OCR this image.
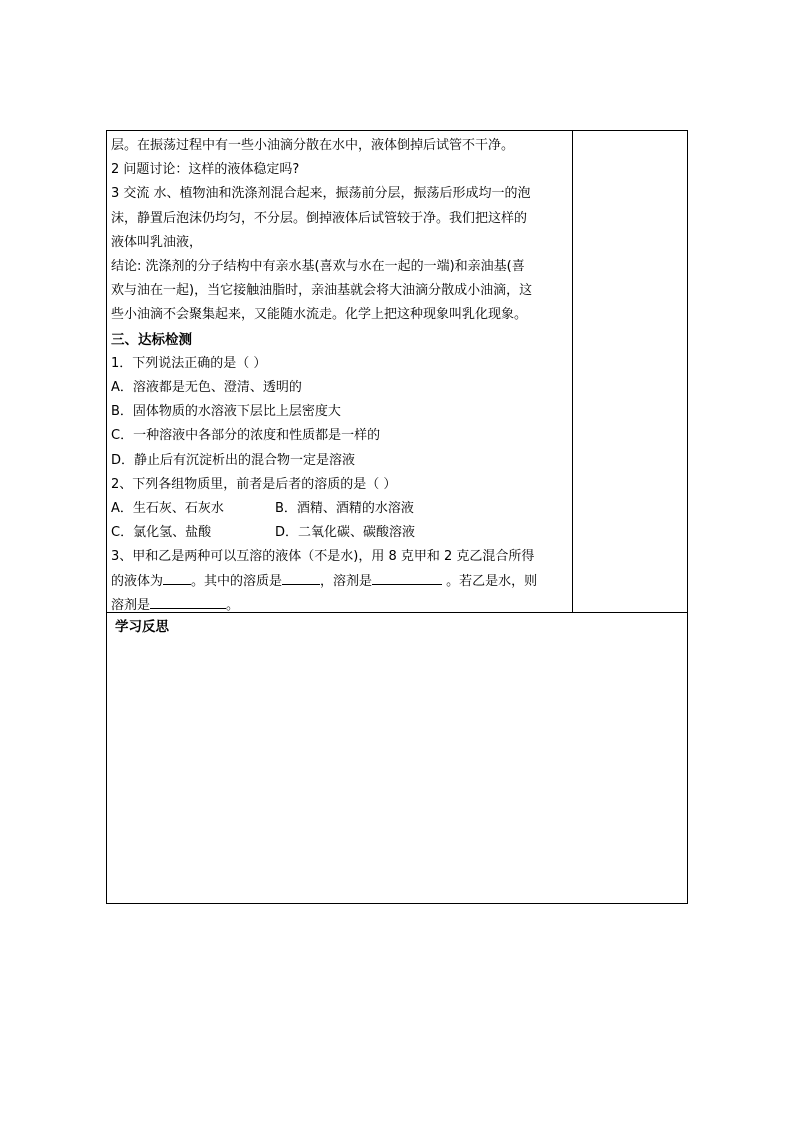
层。在振荡过程中有一些小油滴分散在水中，液体倒掉后试管不干净。
2 问题讨论：这样的液体稳定吗?
3 交流 水、植物油和洗涤剂混合起来，振荡前分层，振荡后形成均一的泡
沫，静置后泡沫仍均匀，不分层。倒掉液体后试管较于净。我们把这样的
液体叫乳油液，
结论: 洗涤剂的分子结构中有亲水基(喜欢与水在一起的一端)和亲油基(喜
欢与油在一起)，当它接触油脂时，亲油基就会将大油滴分散成小油滴，这
些小油滴不会聚集起来，又能随水流走。化学上把这种现象叫乳化现象。
三、达标检测
1．下列说法正确的是（ ）
A．溶液都是无色、澄清、透明的
B．固体物质的水溶液下层比上层密度大
C．一种溶液中各部分的浓度和性质都是一样的
D．静止后有沉淀析出的混合物一定是溶液
2、下列各组物质里，前者是后者的溶质的是（ ）
A．生石灰、石灰水	B．酒精、酒精的水溶液
C．氯化氢、盐酸	D．二氧化碳、碳酸溶液
3、甲和乙是两种可以互溶的液体（不是水)，用 8 克甲和 2 克乙混合所得
的液体为 。其中的溶质是	，溶剂是	。若乙是水，则
溶剂是	。
学习反思
